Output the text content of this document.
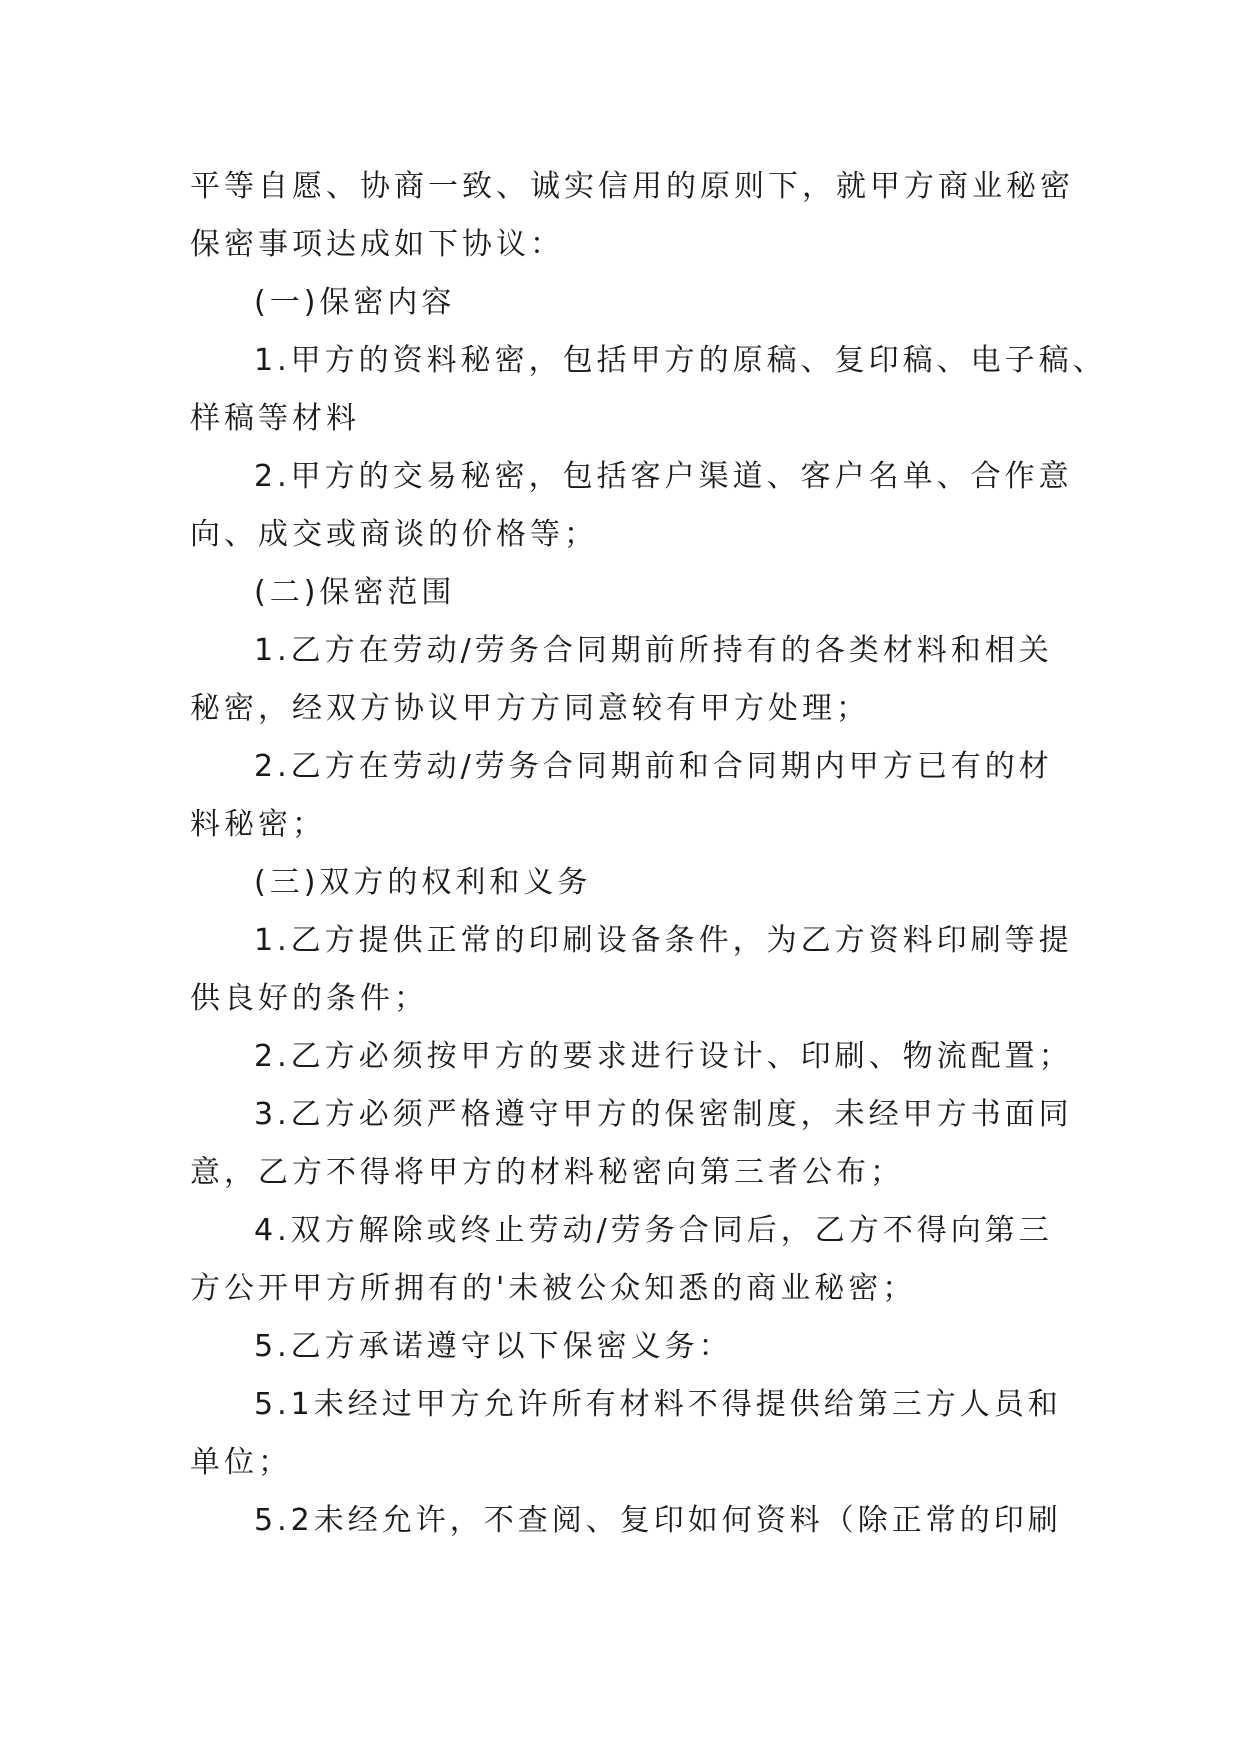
平等自愿、协商一致、诚实信用的原则下，就甲方商业秘密
保密事项达成如下协议：

(一)保密内容

1.甲方的资料秘密，包括甲方的原稿、复印稿、电子稿、
样稿等材料

2.甲方的交易秘密，包括客户渠道、客户名单、合作意
向、成交或商谈的价格等；

(二)保密范围

1.乙方在劳动/劳务合同期前所持有的各类材料和相关
秘密，经双方协议甲方方同意较有甲方处理；

2.乙方在劳动/劳务合同期前和合同期内甲方已有的材
料秘密；

(三)双方的权利和义务

1.乙方提供正常的印刷设备条件，为乙方资料印刷等提
供良好的条件；

2.乙方必须按甲方的要求进行设计、印刷、物流配置；

3.乙方必须严格遵守甲方的保密制度，未经甲方书面同
意，乙方不得将甲方的材料秘密向第三者公布；

4.双方解除或终止劳动/劳务合同后，乙方不得向第三
方公开甲方所拥有的'未被公众知悉的商业秘密；

5.乙方承诺遵守以下保密义务：

5.1未经过甲方允许所有材料不得提供给第三方人员和
单位；

5.2未经允许，不查阅、复印如何资料（除正常的印刷
